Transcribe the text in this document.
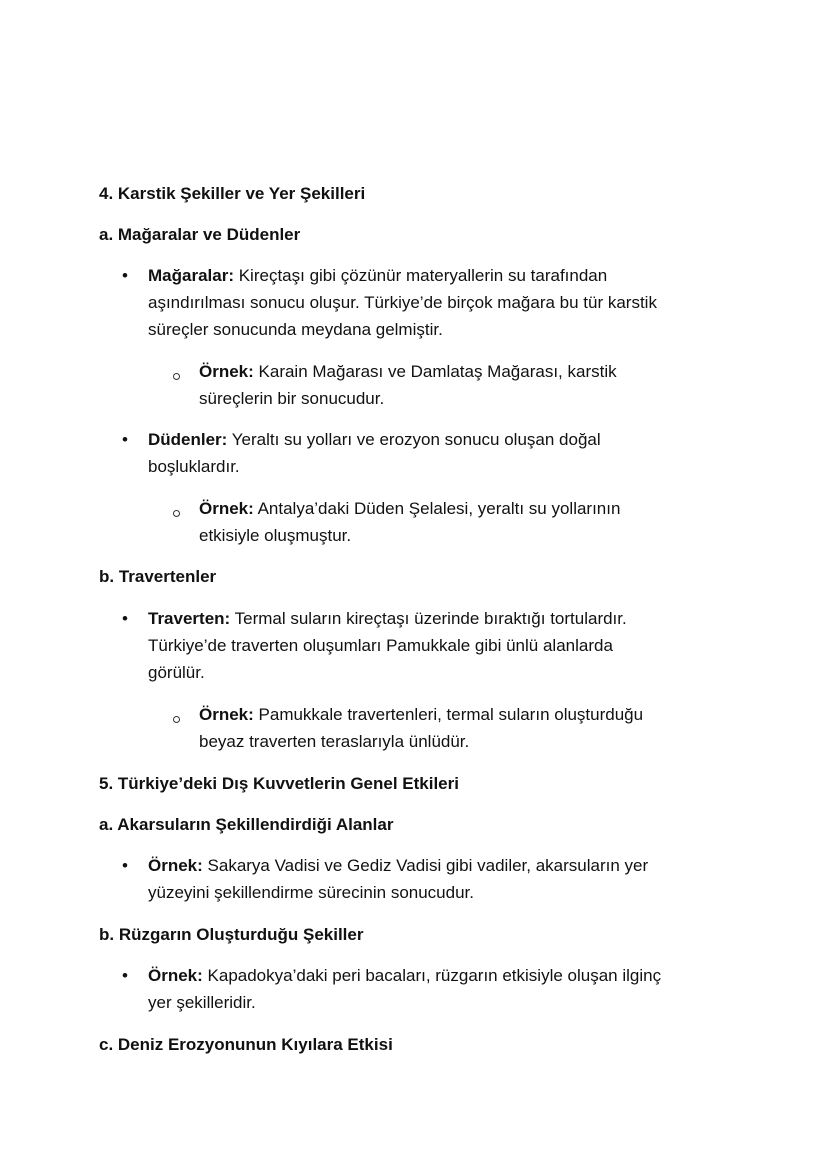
4. Karstik Şekiller ve Yer Şekilleri
a. Mağaralar ve Düdenler
• Mağaralar: Kireçtaşı gibi çözünür materyallerin su tarafından
aşındırılması sonucu oluşur. Türkiye’de birçok mağara bu tür karstik
süreçler sonucunda meydana gelmiştir.
Örnek: Karain Mağarası ve Damlataş Mağarası, karstik
süreçlerin bir sonucudur.
• Düdenler: Yeraltı su yolları ve erozyon sonucu oluşan doğal
boşluklardır.
Örnek: Antalya’daki Düden Şelalesi, yeraltı su yollarının
etkisiyle oluşmuştur.
b. Travertenler
• Traverten: Termal suların kireçtaşı üzerinde bıraktığı tortulardır.
Türkiye’de traverten oluşumları Pamukkale gibi ünlü alanlarda
görülür.
Örnek: Pamukkale travertenleri, termal suların oluşturduğu
beyaz traverten teraslarıyla ünlüdür.
5. Türkiye’deki Dış Kuvvetlerin Genel Etkileri
a. Akarsuların Şekillendirdiği Alanlar
• Örnek: Sakarya Vadisi ve Gediz Vadisi gibi vadiler, akarsuların yer
yüzeyini şekillendirme sürecinin sonucudur.
b. Rüzgarın Oluşturduğu Şekiller
• Örnek: Kapadokya’daki peri bacaları, rüzgarın etkisiyle oluşan ilginç
yer şekilleridir.
c. Deniz Erozyonunun Kıyılara Etkisi
